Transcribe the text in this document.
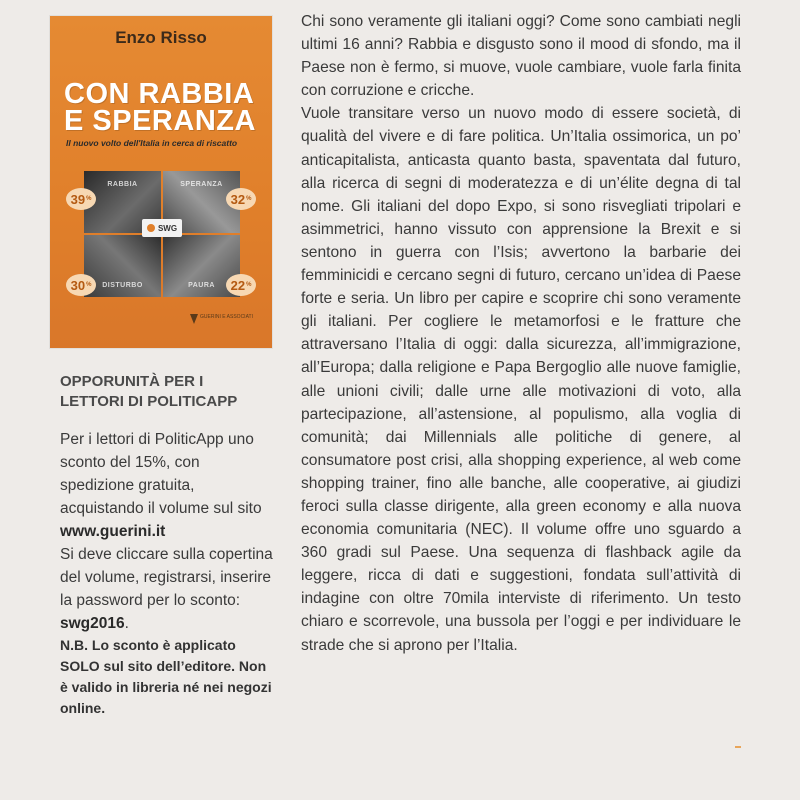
Enzo Risso
CON RABBIA
E SPERANZA
Il nuovo volto dell'Italia in cerca di riscatto
RABBIA	SPERANZA
DISTURBO	PAURA
SWG
39 %	32 %
30 %	22 %
GUERINI E ASSOCIATI
OPPORUNITÀ PER I
LETTORI DI POLITICAPP
Per i lettori di PoliticApp uno sconto del 15%, con spedizione gratuita, acquistando il volume sul sito www.guerini.it
Si deve cliccare sulla copertina del volume, registrarsi, inserire la password per lo sconto: swg2016.
N.B. Lo sconto è applicato SOLO sul sito dell’editore. Non è valido in libreria né nei negozi online.

Chi sono veramente gli italiani oggi? Come sono cambiati negli ultimi 16 anni? Rabbia e disgusto sono il mood di sfondo, ma il Paese non è fermo, si muove, vuole cambiare, vuole farla finita con corruzione e cricche.

Vuole transitare verso un nuovo modo di essere società, di qualità del vivere e di fare politica. Un’Italia ossimorica, un po’ anticapitalista, anticasta quanto basta, spaventata dal futuro, alla ricerca di segni di moderatezza e di un’élite degna di tal nome. Gli italiani del dopo Expo, si sono risvegliati tripolari e asimmetrici, hanno vissuto con apprensione la Brexit e si sentono in guerra con l’Isis; avvertono la barbarie dei femminicidi e cercano segni di futuro, cercano un’idea di Paese forte e seria. Un libro per capire e scoprire chi sono veramente gli italiani. Per cogliere le metamorfosi e le fratture che attraversano l’Italia di oggi: dalla sicurezza, all’immigrazione, all’Europa; dalla religione e Papa Bergoglio alle nuove famiglie, alle unioni civili; dalle urne alle motivazioni di voto, alla partecipazione, all’astensione, al populismo, alla voglia di comunità; dai Millennials alle politiche di genere, al consumatore post crisi, alla shopping experience, al web come shopping trainer, fino alle banche, alle cooperative, ai giudizi feroci sulla classe dirigente, alla green economy e alla nuova economia comunitaria (NEC). Il volume offre uno sguardo a 360 gradi sul Paese. Una sequenza di flashback agile da leggere, ricca di dati e suggestioni, fondata sull’attività di indagine con oltre 70mila interviste di riferimento. Un testo chiaro e scorrevole, una bussola per l’oggi e per individuare le strade che si aprono per l’Italia.
